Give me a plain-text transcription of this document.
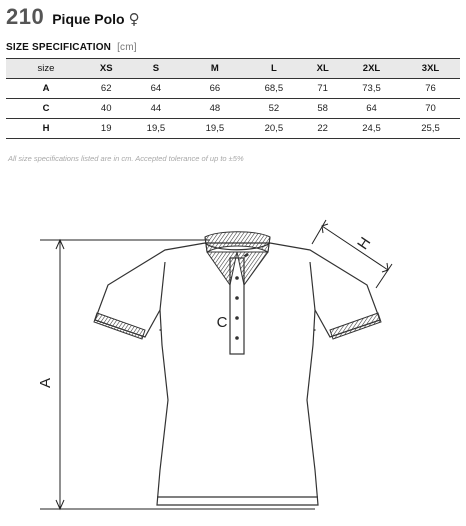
210 Pique Polo ♀
SIZE SPECIFICATION [cm]
size	XS	S	M	L	XL	2XL	3XL
A	62	64	66	68,5	71	73,5	76
C	40	44	48	52	58	64	70
H	19	19,5	19,5	20,5	22	24,5	25,5
All size specifications listed are in cm. Accepted tolerance of up to ±5%
A
C
H
